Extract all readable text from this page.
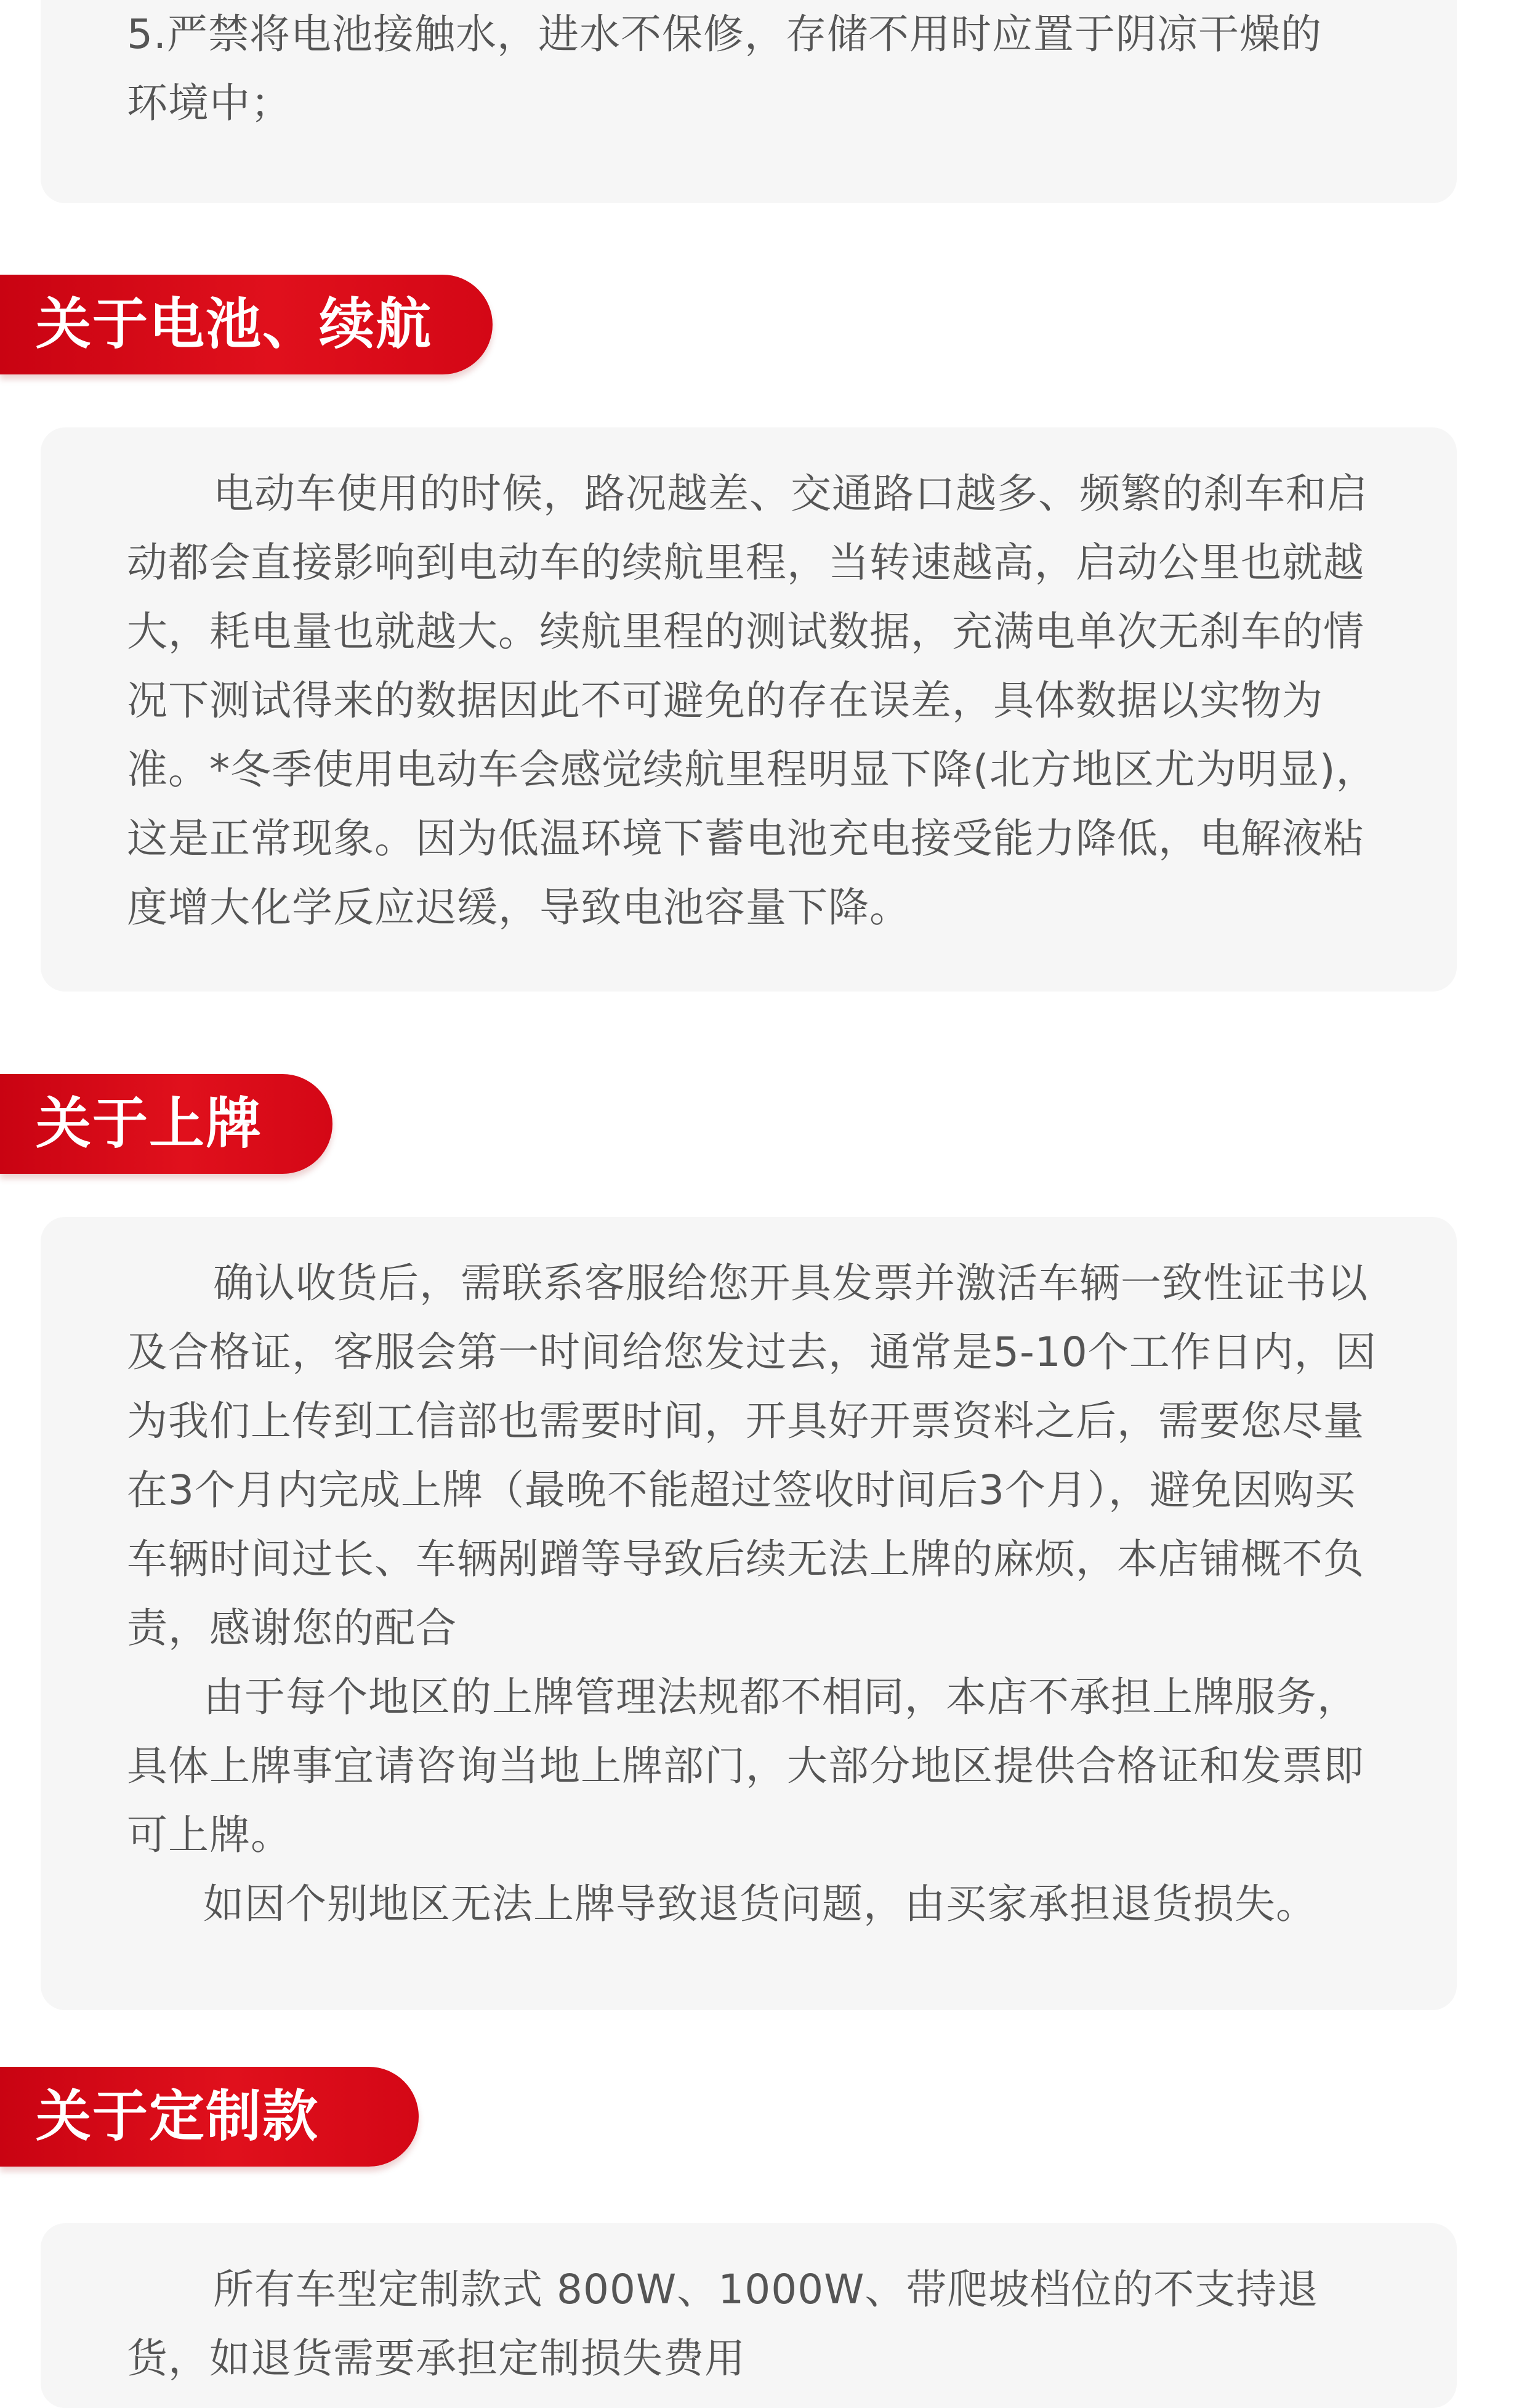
5.严禁将电池接触水，进水不保修，存储不用时应置于阴凉干燥的

环境中；

关于电池、续航

电动车使用的时候，路况越差、交通路口越多、频繁的刹车和启动都会直接影响到电动车的续航里程，当转速越高，启动公里也就越大，耗电量也就越大。续航里程的测试数据，充满电单次无刹车的情况下测试得来的数据因此不可避免的存在误差，具体数据以实物为准。*冬季使用电动车会感觉续航里程明显下降(北方地区尤为明显)，这是正常现象。因为低温环境下蓄电池充电接受能力降低，电解液粘度增大化学反应迟缓，导致电池容量下降。

关于上牌

确认收货后，需联系客服给您开具发票并激活车辆一致性证书以及合格证，客服会第一时间给您发过去，通常是5-10个工作日内，因为我们上传到工信部也需要时间，开具好开票资料之后，需要您尽量在3个月内完成上牌（最晚不能超过签收时间后3个月），避免因购买车辆时间过长、车辆剐蹭等导致后续无法上牌的麻烦，本店铺概不负责，感谢您的配合

由于每个地区的上牌管理法规都不相同，本店不承担上牌服务，具体上牌事宜请咨询当地上牌部门，大部分地区提供合格证和发票即可上牌。

如因个别地区无法上牌导致退货问题，由买家承担退货损失。

关于定制款

所有车型定制款式 800W、1000W、带爬坡档位的不支持退货，如退货需要承担定制损失费用
